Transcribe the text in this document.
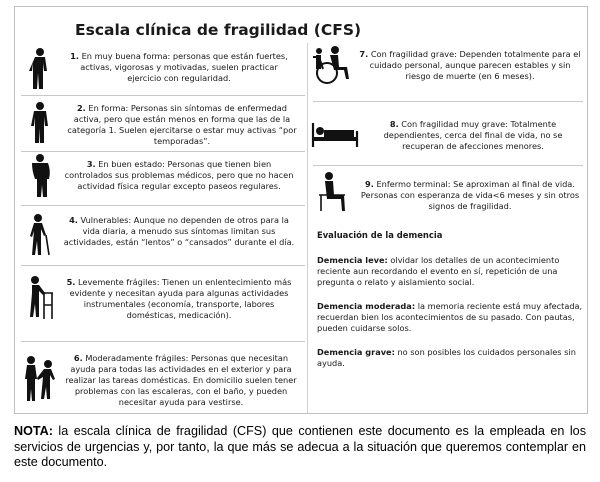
Escala clínica de fragilidad (CFS)
1. En muy buena forma: personas que están fuertes, activas, vigorosas y motivadas, suelen practicar ejercicio con regularidad.
2. En forma: Personas sin síntomas de enfermedad activa, pero que están menos en forma que las de la categoría 1. Suelen ejercitarse o estar muy activas “por temporadas”.
3. En buen estado: Personas que tienen bien controlados sus problemas médicos, pero que no hacen actividad física regular excepto paseos regulares.
4. Vulnerables: Aunque no dependen de otros para la vida diaria, a menudo sus síntomas limitan sus actividades, están “lentos” o “cansados” durante el día.
5. Levemente frágiles: Tienen un enlentecimiento más evidente y necesitan ayuda para algunas actividades instrumentales (economía, transporte, labores domésticas, medicación).
6. Moderadamente frágiles: Personas que necesitan ayuda para todas las actividades en el exterior y para realizar las tareas domésticas. En domicilio suelen tener problemas con las escaleras, con el baño, y pueden necesitar ayuda para vestirse.
7. Con fragilidad grave: Dependen totalmente para el cuidado personal, aunque parecen estables y sin riesgo de muerte (en 6 meses).
8. Con fragilidad muy grave: Totalmente dependientes, cerca del final de vida, no se recuperan de afecciones menores.
9. Enfermo terminal: Se aproximan al final de vida. Personas con esperanza de vida<6 meses y sin otros signos de fragilidad.
Evaluación de la demencia
Demencia leve: olvidar los detalles de un acontecimiento reciente aun recordando el evento en sí, repetición de una pregunta o relato y aislamiento social.
Demencia moderada: la memoria reciente está muy afectada, recuerdan bien los acontecimientos de su pasado. Con pautas, pueden cuidarse solos.
Demencia grave: no son posibles los cuidados personales sin ayuda.
NOTA: la escala clínica de fragilidad (CFS) que contienen este documento es la empleada en los servicios de urgencias y, por tanto, la que más se adecua a la situación que queremos contemplar en este documento.
